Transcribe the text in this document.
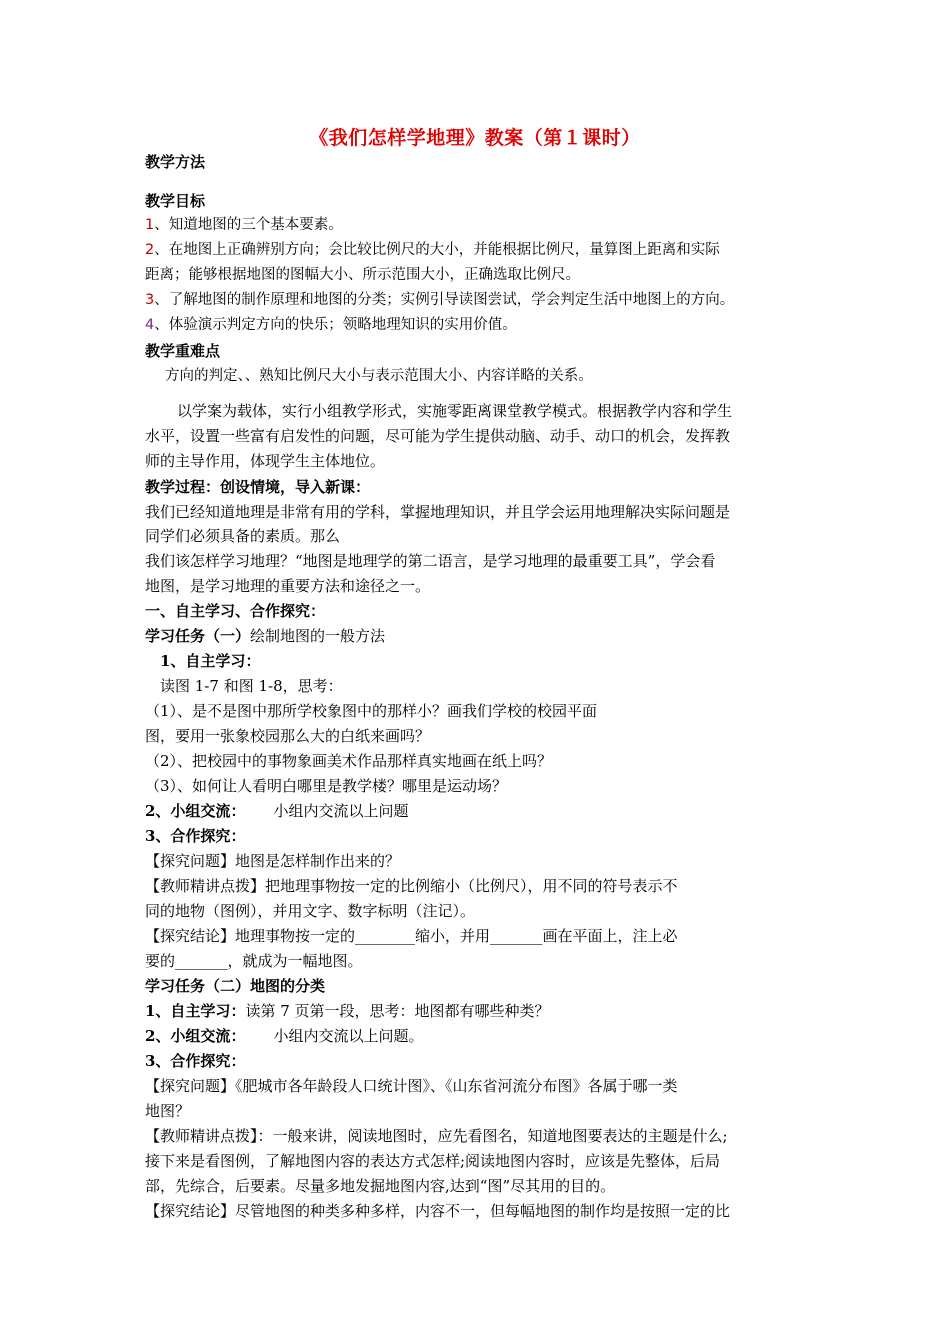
《我们怎样学地理》教案（第１课时）
教学方法
教学目标
1、知道地图的三个基本要素。
2、在地图上正确辨别方向；会比较比例尺的大小，并能根据比例尺，量算图上距离和实际
距离；能够根据地图的图幅大小、所示范围大小，正确选取比例尺。
3、了解地图的制作原理和地图的分类；实例引导读图尝试，学会判定生活中地图上的方向。
4、体验演示判定方向的快乐；领略地理知识的实用价值。
教学重难点
方向的判定、、熟知比例尺大小与表示范围大小、内容详略的关系。
以学案为载体，实行小组教学形式，实施零距离课堂教学模式。根据教学内容和学生
水平，设置一些富有启发性的问题，尽可能为学生提供动脑、动手、动口的机会，发挥教
师的主导作用，体现学生主体地位。
教学过程：创设情境，导入新课：
我们已经知道地理是非常有用的学科，掌握地理知识，并且学会运用地理解决实际问题是
同学们必须具备的素质。那么
我们该怎样学习地理？“地图是地理学的第二语言，是学习地理的最重要工具”，学会看
地图，是学习地理的重要方法和途径之一。
一、自主学习、合作探究：
学习任务（一）绘制地图的一般方法
1、自主学习：
读图 1-7 和图 1-8，思考：
（1）、是不是图中那所学校象图中的那样小？画我们学校的校园平面
图，要用一张象校园那么大的白纸来画吗？
（2）、把校园中的事物象画美术作品那样真实地画在纸上吗？
（3）、如何让人看明白哪里是教学楼？哪里是运动场？
2、小组交流： 小组内交流以上问题
3、合作探究：
【探究问题】地图是怎样制作出来的？
【教师精讲点拨】把地理事物按一定的比例缩小（比例尺），用不同的符号表示不
同的地物（图例），并用文字、数字标明（注记）。
【探究结论】地理事物按一定的________缩小，并用_______画在平面上，注上必
要的_______，就成为一幅地图。
学习任务（二）地图的分类
1、自主学习：读第 7 页第一段，思考：地图都有哪些种类？
2、小组交流： 小组内交流以上问题。
3、合作探究：
【探究问题】《肥城市各年龄段人口统计图》、《山东省河流分布图》各属于哪一类
地图？
【教师精讲点拨】：一般来讲，阅读地图时，应先看图名，知道地图要表达的主题是什么;
接下来是看图例，了解地图内容的表达方式怎样;阅读地图内容时，应该是先整体，后局
部，先综合，后要素。尽量多地发掘地图内容,达到“图”尽其用的目的。
【探究结论】尽管地图的种类多种多样，内容不一，但每幅地图的制作均是按照一定的比
